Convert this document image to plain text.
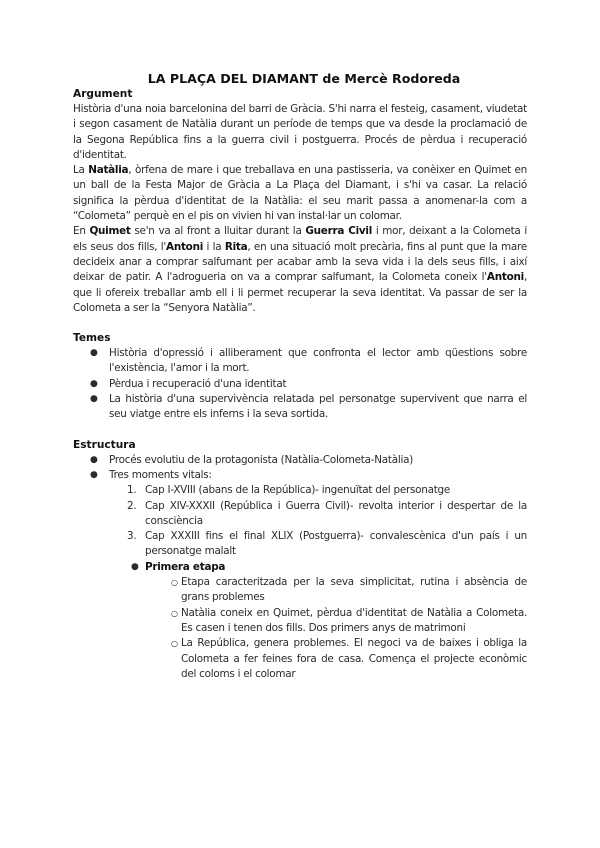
LA PLAÇA DEL DIAMANT de Mercè Rodoreda
Argument

Història d'una noia barcelonina del barri de Gràcia. S'hi narra el festeig, casament, viudetat i segon casament de Natàlia durant un període de temps que va desde la proclamació de la Segona República fins a la guerra civil i postguerra. Procés de pèrdua i recuperació d'identitat.

La Natàlia, òrfena de mare i que treballava en una pastisseria, va conèixer en Quimet en un ball de la Festa Major de Gràcia a La Plaça del Diamant, i s'hi va casar. La relació significa la pèrdua d'identitat de la Natàlia: el seu marit passa a anomenar-la com a “Colometa” perquè en el pis on vivien hi van instal·lar un colomar.

En Quimet se'n va al front a lluitar durant la Guerra Civil i mor, deixant a la Colometa i els seus dos fills, l'Antoni i la Rita, en una situació molt precària, fins al punt que la mare decideix anar a comprar salfumant per acabar amb la seva vida i la dels seus fills, i així deixar de patir. A l'adrogueria on va a comprar salfumant, la Colometa coneix l'Antoni, que li ofereix treballar amb ell i li permet recuperar la seva identitat. Va passar de ser la Colometa a ser la “Senyora Natàlia”.

Temes
● Història d'opressió i alliberament que confronta el lector amb qüestions sobre l'existència, l'amor i la mort.
● Pèrdua i recuperació d'una identitat
● La història d'una supervivència relatada pel personatge supervivent que narra el seu viatge entre els inferns i la seva sortida.
Estructura
● Procés evolutiu de la protagonista (Natàlia-Colometa-Natàlia)
● Tres moments vitals:
1. Cap I-XVIII (abans de la República)- ingenuïtat del personatge
2. Cap XIV-XXXII (República i Guerra Civil)- revolta interior i despertar de la consciència
3. Cap XXXIII fins el final XLIX (Postguerra)- convalescènica d'un país i un personatge malalt
● Primera etapa
○ Etapa caracteritzada per la seva simplicitat, rutina i absència de grans problemes
○ Natàlia coneix en Quimet, pèrdua d'identitat de Natàlia a Colometa. Es casen i tenen dos fills. Dos primers anys de matrimoni
○ La República, genera problemes. El negoci va de baixes i obliga la Colometa a fer feines fora de casa. Comença el projecte econòmic del coloms i el colomar
